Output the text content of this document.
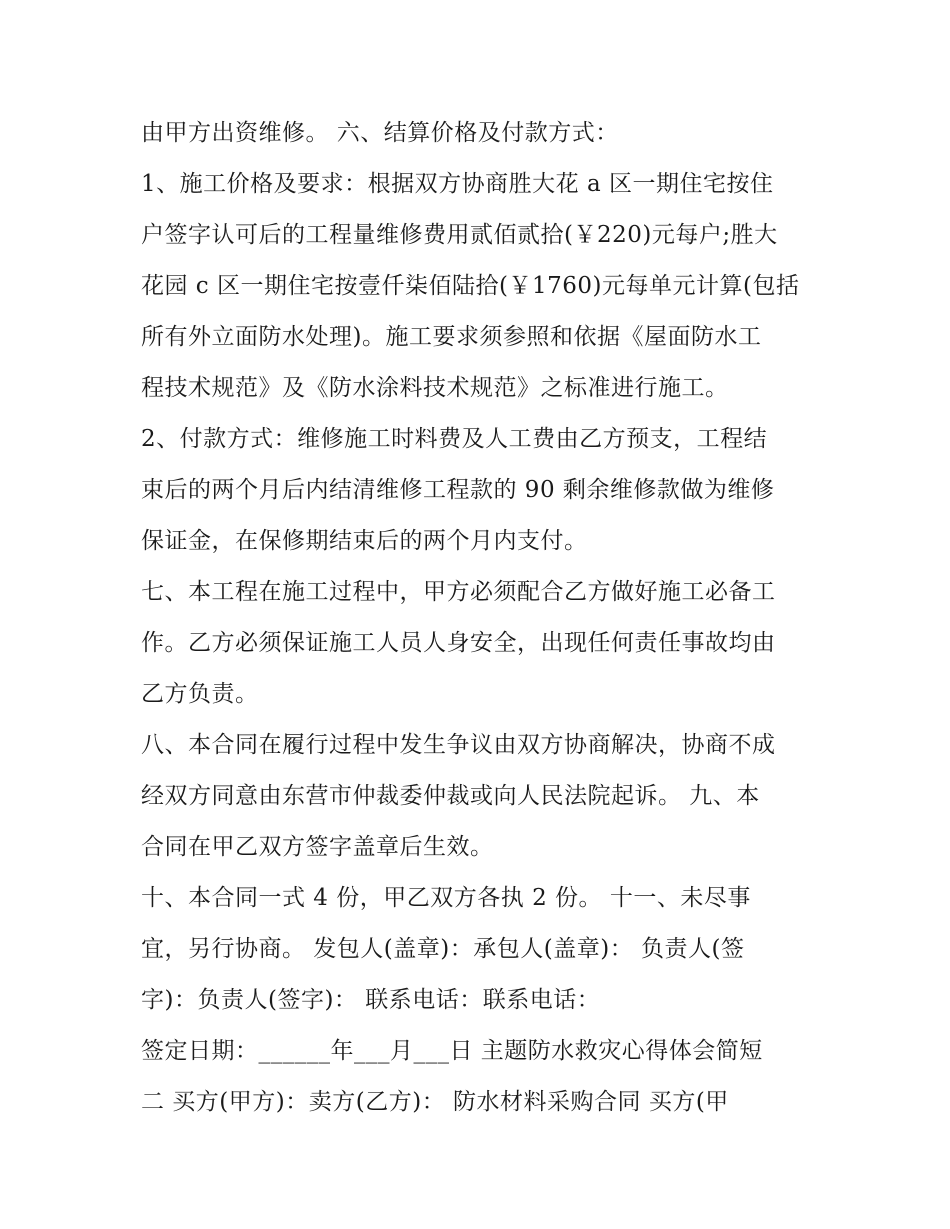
由甲方出资维修。 六、结算价格及付款方式：
1、施工价格及要求：根据双方协商胜大花 a 区一期住宅按住
户签字认可后的工程量维修费用贰佰贰拾(￥220)元每户;胜大
花园 c 区一期住宅按壹仟柒佰陆拾(￥1760)元每单元计算(包括
所有外立面防水处理)。施工要求须参照和依据《屋面防水工
程技术规范》及《防水涂料技术规范》之标准进行施工。
2、付款方式：维修施工时料费及人工费由乙方预支，工程结
束后的两个月后内结清维修工程款的 90 剩余维修款做为维修
保证金，在保修期结束后的两个月内支付。
七、本工程在施工过程中，甲方必须配合乙方做好施工必备工
作。乙方必须保证施工人员人身安全，出现任何责任事故均由
乙方负责。
八、本合同在履行过程中发生争议由双方协商解决，协商不成
经双方同意由东营市仲裁委仲裁或向人民法院起诉。 九、本
合同在甲乙双方签字盖章后生效。
十、本合同一式 4 份，甲乙双方各执 2 份。 十一、未尽事
宜，另行协商。 发包人(盖章)：承包人(盖章)： 负责人(签
字)：负责人(签字)： 联系电话：联系电话：
签定日期：______年___月___日 主题防水救灾心得体会简短
二 买方(甲方)：卖方(乙方)： 防水材料采购合同 买方(甲
